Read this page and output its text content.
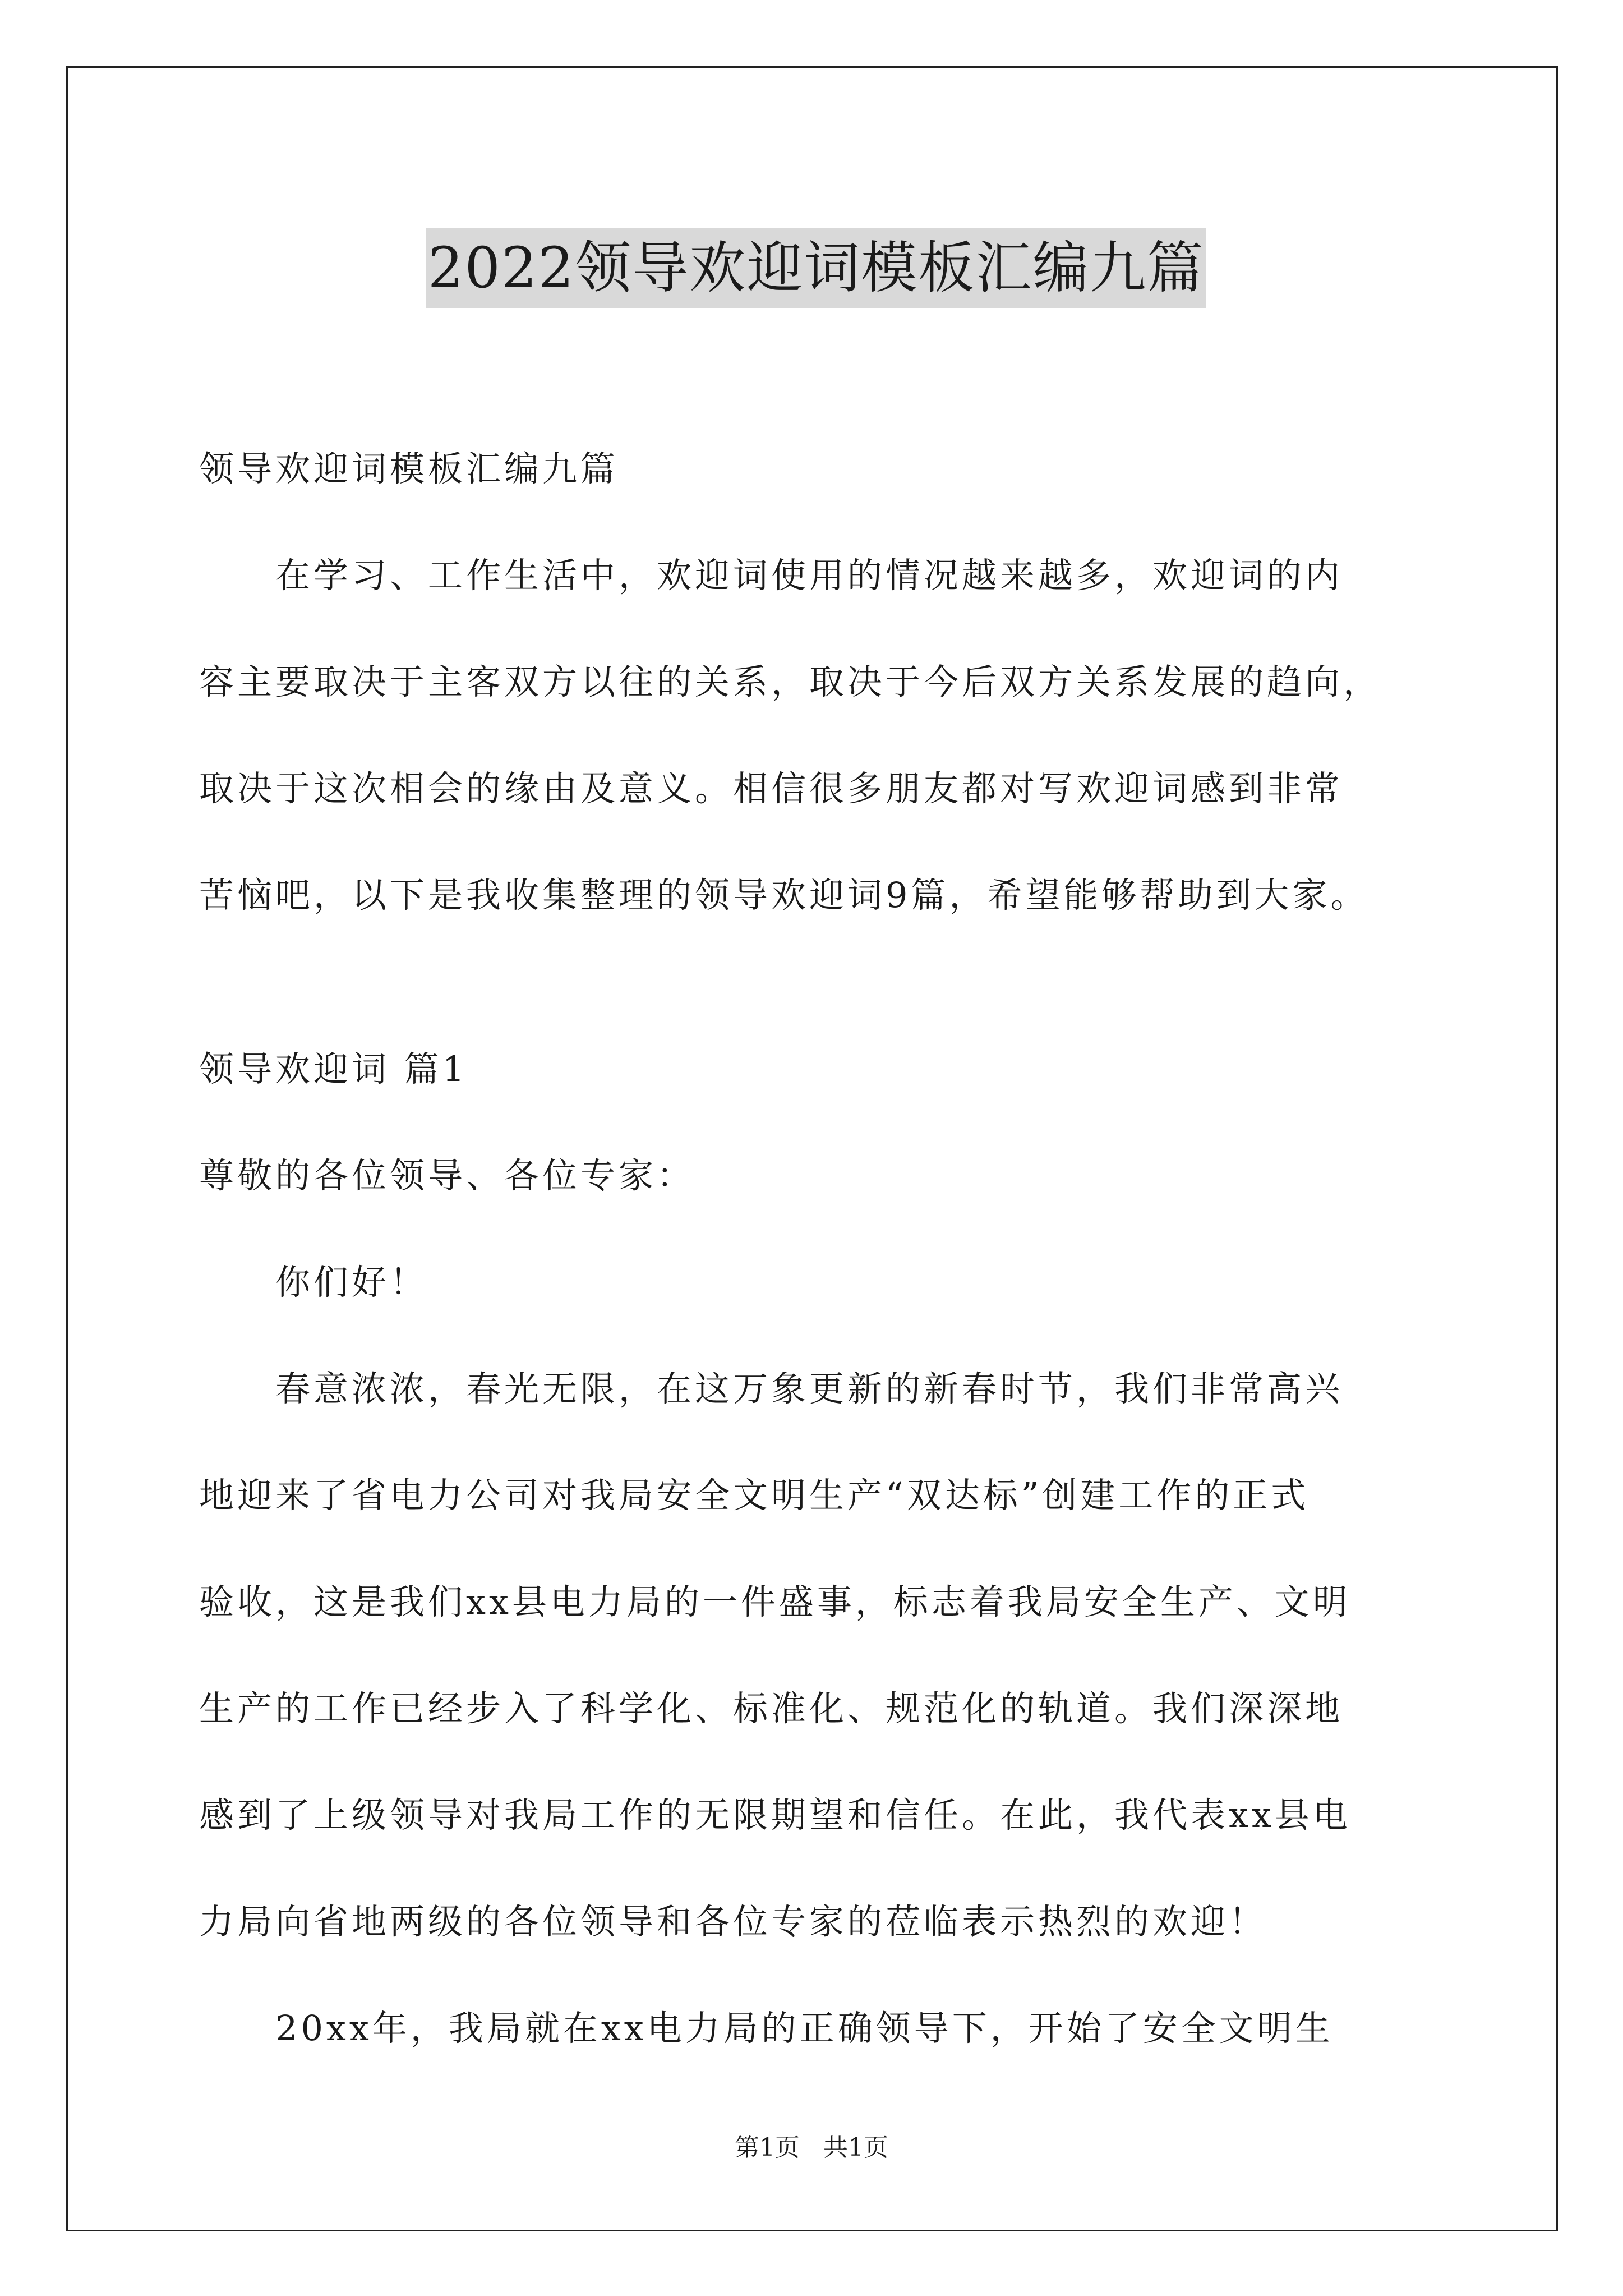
2022领导欢迎词模板汇编九篇

领导欢迎词模板汇编九篇

在学习、工作生活中，欢迎词使用的情况越来越多，欢迎词的内

容主要取决于主客双方以往的关系，取决于今后双方关系发展的趋向，

取决于这次相会的缘由及意义。相信很多朋友都对写欢迎词感到非常

苦恼吧，以下是我收集整理的领导欢迎词9篇，希望能够帮助到大家。

领导欢迎词 篇1

尊敬的各位领导、各位专家：

你们好！

春意浓浓，春光无限，在这万象更新的新春时节，我们非常高兴

地迎来了省电力公司对我局安全文明生产“双达标”创建工作的正式

验收，这是我们xx县电力局的一件盛事，标志着我局安全生产、文明

生产的工作已经步入了科学化、标准化、规范化的轨道。我们深深地

感到了上级领导对我局工作的无限期望和信任。在此，我代表xx县电

力局向省地两级的各位领导和各位专家的莅临表示热烈的欢迎！

20xx年，我局就在xx电力局的正确领导下，开始了安全文明生

第1页 共1页
